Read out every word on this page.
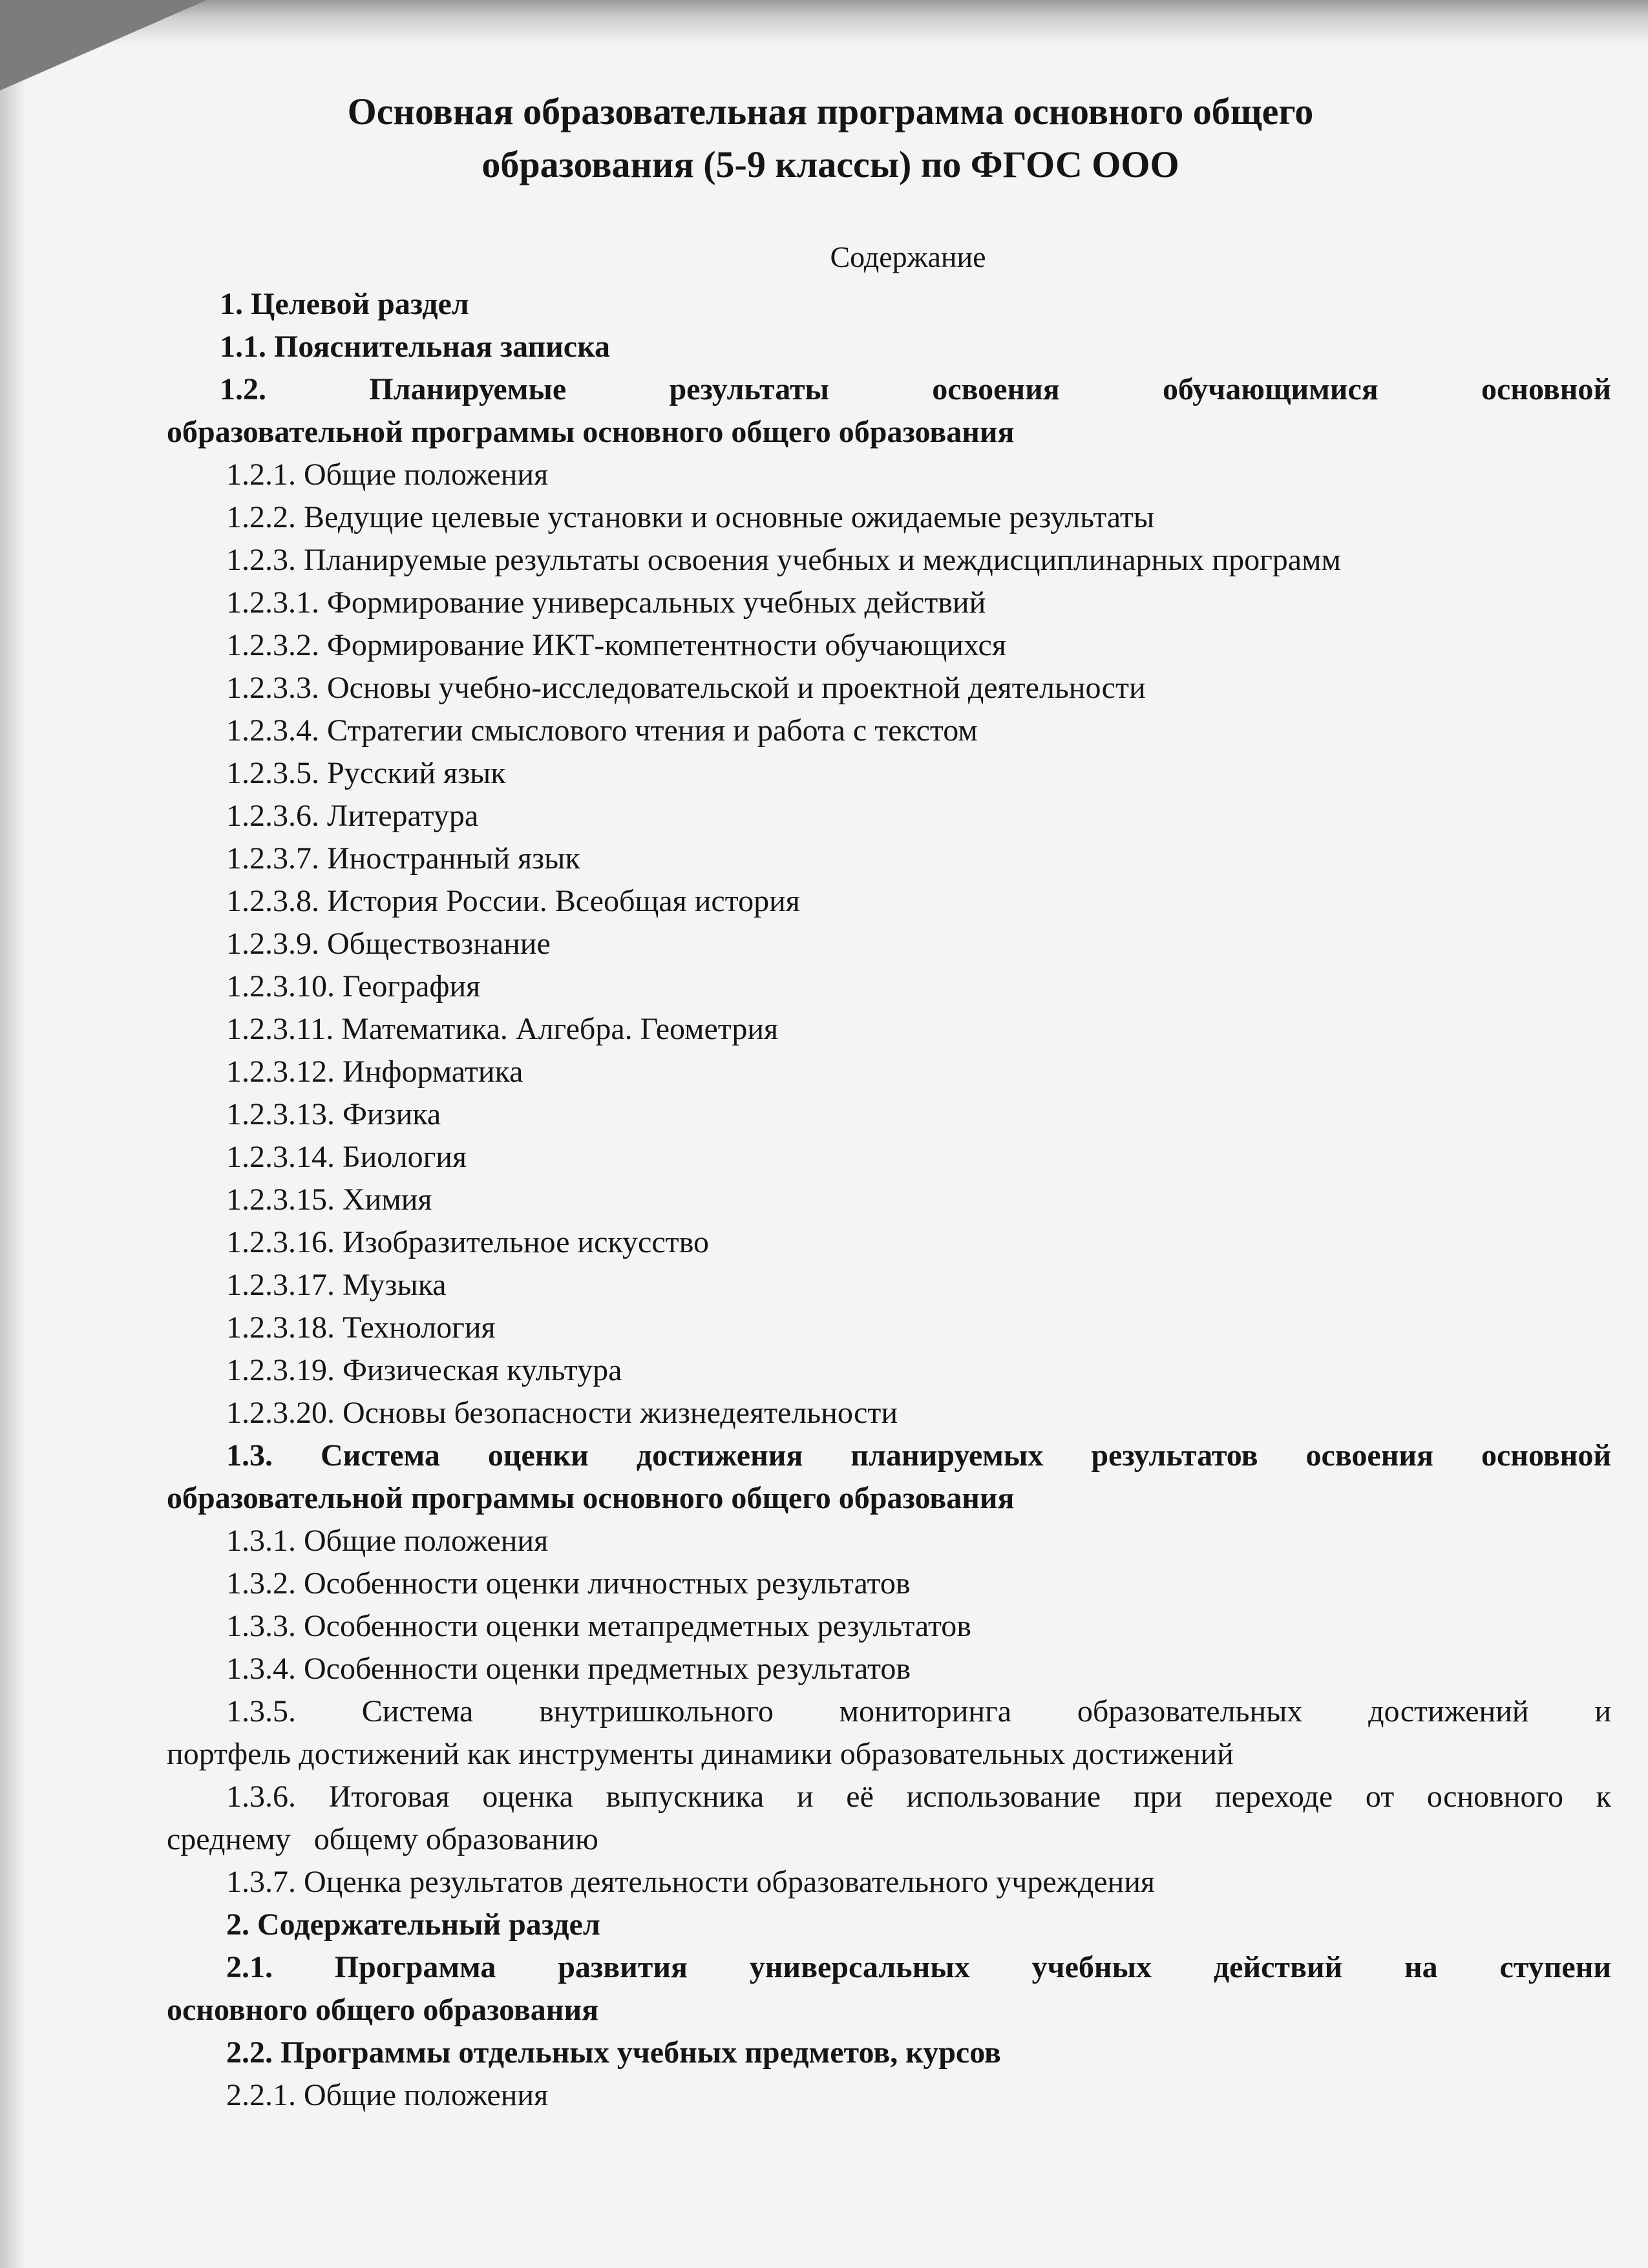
Основная образовательная программа основного общего
образования (5-9 классы) по ФГОС ООО
Содержание

1. Целевой раздел

1.1. Пояснительная записка

1.2. Планируемые результаты освоения обучающимися основной

образовательной программы основного общего образования

1.2.1. Общие положения

1.2.2. Ведущие целевые установки и основные ожидаемые результаты

1.2.3. Планируемые результаты освоения учебных и междисциплинарных программ

1.2.3.1. Формирование универсальных учебных действий

1.2.3.2. Формирование ИКТ-компетентности обучающихся

1.2.3.3. Основы учебно-исследовательской и проектной деятельности

1.2.3.4. Стратегии смыслового чтения и работа с текстом

1.2.3.5. Русский язык

1.2.3.6. Литература

1.2.3.7. Иностранный язык

1.2.3.8. История России. Всеобщая история

1.2.3.9. Обществознание

1.2.3.10. География

1.2.3.11. Математика. Алгебра. Геометрия

1.2.3.12. Информатика

1.2.3.13. Физика

1.2.3.14. Биология

1.2.3.15. Химия

1.2.3.16. Изобразительное искусство

1.2.3.17. Музыка

1.2.3.18. Технология

1.2.3.19. Физическая культура

1.2.3.20. Основы безопасности жизнедеятельности

1.3. Система оценки достижения планируемых результатов освоения основной

образовательной программы основного общего образования

1.3.1. Общие положения

1.3.2. Особенности оценки личностных результатов

1.3.3. Особенности оценки метапредметных результатов

1.3.4. Особенности оценки предметных результатов

1.3.5. Система внутришкольного мониторинга образовательных достижений и

портфель достижений как инструменты динамики образовательных достижений

1.3.6. Итоговая оценка выпускника и её использование при переходе от основного к

среднему   общему образованию

1.3.7. Оценка результатов деятельности образовательного учреждения

2. Содержательный раздел

2.1. Программа развития универсальных учебных действий на ступени

основного общего образования

2.2. Программы отдельных учебных предметов, курсов

2.2.1. Общие положения
